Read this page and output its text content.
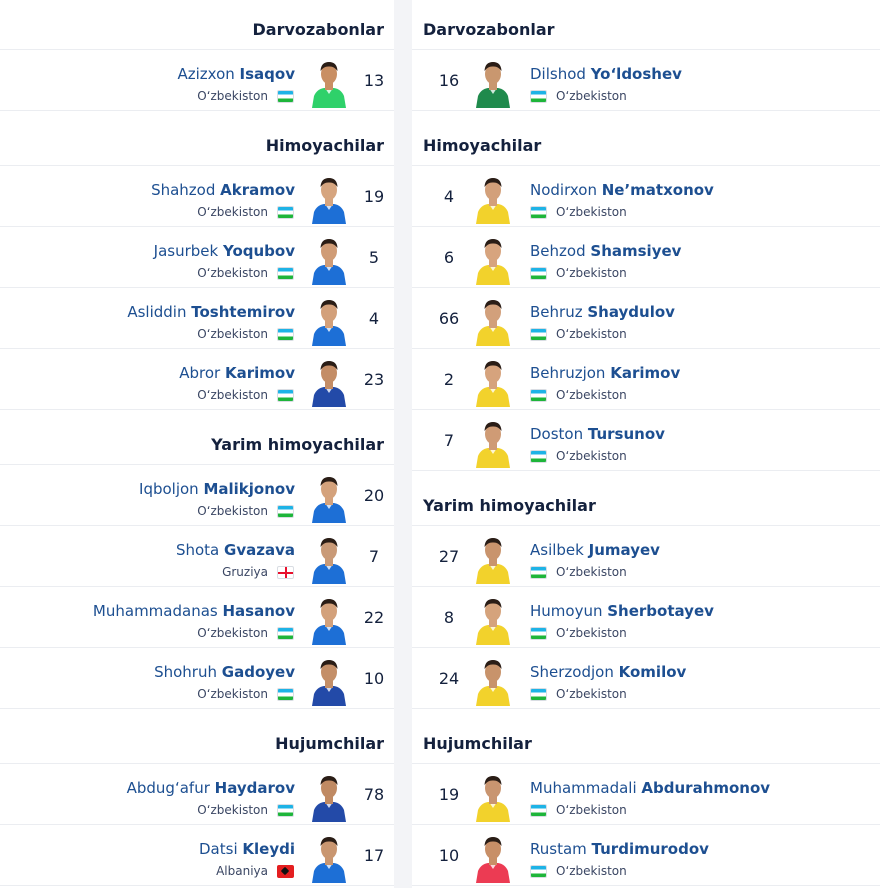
Darvozabonlar
Azizxon Isaqov
O‘zbekiston
13
Himoyachilar
Shahzod Akramov
O‘zbekiston
19
Jasurbek Yoqubov
O‘zbekiston
5
Asliddin Toshtemirov
O‘zbekiston
4
Abror Karimov
O‘zbekiston
23
Yarim himoyachilar
Iqboljon Malikjonov
O‘zbekiston
20
Shota Gvazava
Gruziya
7
Muhammadanas Hasanov
O‘zbekiston
22
Shohruh Gadoyev
O‘zbekiston
10
Hujumchilar
Abdug‘afur Haydarov
O‘zbekiston
78
Datsi Kleydi
Albaniya
17
Darvozabonlar
Dilshod Yo‘ldoshev
O‘zbekiston
16
Himoyachilar
Nodirxon Ne’matxonov
O‘zbekiston
4
Behzod Shamsiyev
O‘zbekiston
6
Behruz Shaydulov
O‘zbekiston
66
Behruzjon Karimov
O‘zbekiston
2
Doston Tursunov
O‘zbekiston
7
Yarim himoyachilar
Asilbek Jumayev
O‘zbekiston
27
Humoyun Sherbotayev
O‘zbekiston
8
Sherzodjon Komilov
O‘zbekiston
24
Hujumchilar
Muhammadali Abdurahmonov
O‘zbekiston
19
Rustam Turdimurodov
O‘zbekiston
10
